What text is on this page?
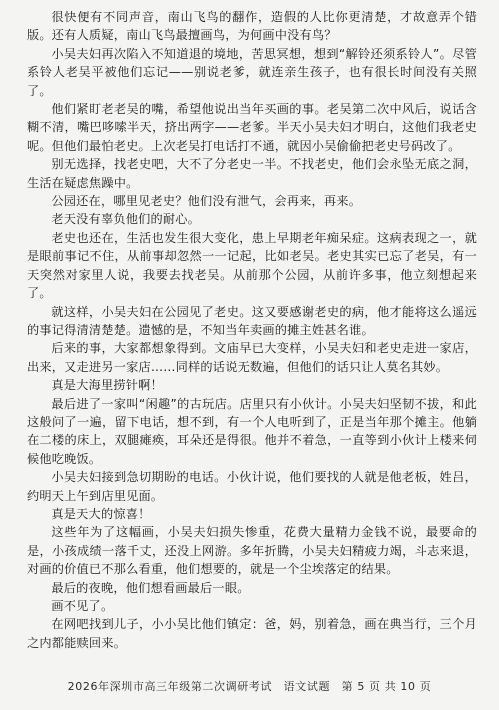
很快便有不同声音，南山飞鸟的翻作，造假的人比你更清楚，才故意弄个错版。还有人质疑，南山飞鸟最擅画鸟，为何画中没有鸟？

小吴夫妇再次陷入不知道退的境地，苦思冥想，想到“解铃还须系铃人”。尽管系铃人老吴平被他们忘记——别说老爹，就连亲生孩子，也有很长时间没有关照了。

他们紧盯老老吴的嘴，希望他说出当年买画的事。老吴第二次中风后，说话含糊不清，嘴巴哆嗦半天，挤出两字——老爹。半天小吴夫妇才明白，这他们我老史呢。但他们最怕老史。上次老吴打电话打不通，就因小吴偷偷把老史号码改了。

别无选择，找老史吧，大不了分老史一半。不找老史，他们会永坠无底之洞，生活在疑虑焦躁中。

公园还在，哪里见老史？他们没有泄气，会再来，再来。

老天没有辜负他们的耐心。

老史也还在，生活也发生很大变化，患上早期老年痴呆症。这病表现之一，就是眼前事记不住，从前事却忽然一一记起，比如老吴。老史其实已忘了老吴，有一天突然对家里人说，我要去找老吴。从前那个公园，从前许多事，他立刻想起来了。

就这样，小吴夫妇在公园见了老史。这又要感谢老史的病，他才能将这么遥远的事记得清清楚楚。遗憾的是，不知当年卖画的摊主姓甚名谁。

后来的事，大家都想象得到。文庙早已大变样，小吴夫妇和老史走进一家店，出来，又走进另一家店……同样的话说无数遍，但他们的话只让人莫名其妙。

真是大海里捞针啊！

最后进了一家叫“闲趣”的古玩店。店里只有小伙计。小吴夫妇坚韧不拔，和此这般问了一遍，留下电话，想不到，有一个人电听到了，正是当年那个摊主。他躺在二楼的床上，双腿瘫痪，耳朵还是得很。他并不着急，一直等到小伙计上楼来伺候他吃晚饭。

小吴夫妇接到急切期盼的电话。小伙计说，他们要找的人就是他老板，姓吕，约明天上午到店里见面。

真是天大的惊喜！

这些年为了这幅画，小吴夫妇损失惨重，花费大量精力金钱不说，最要命的是，小孩成绩一落千丈，还没上网游。多年折腾，小吴夫妇精疲力竭，斗志来退，对画的价值已不那么看重，他们想要的，就是一个尘埃落定的结果。

最后的夜晚，他们想看画最后一眼。

画不见了。

在网吧找到儿子，小小吴比他们镇定：爸，妈，别着急，画在典当行，三个月之内都能赎回来。

2026年深圳市高三年级第二次调研考试　语文试题　第 5 页 共 10 页
